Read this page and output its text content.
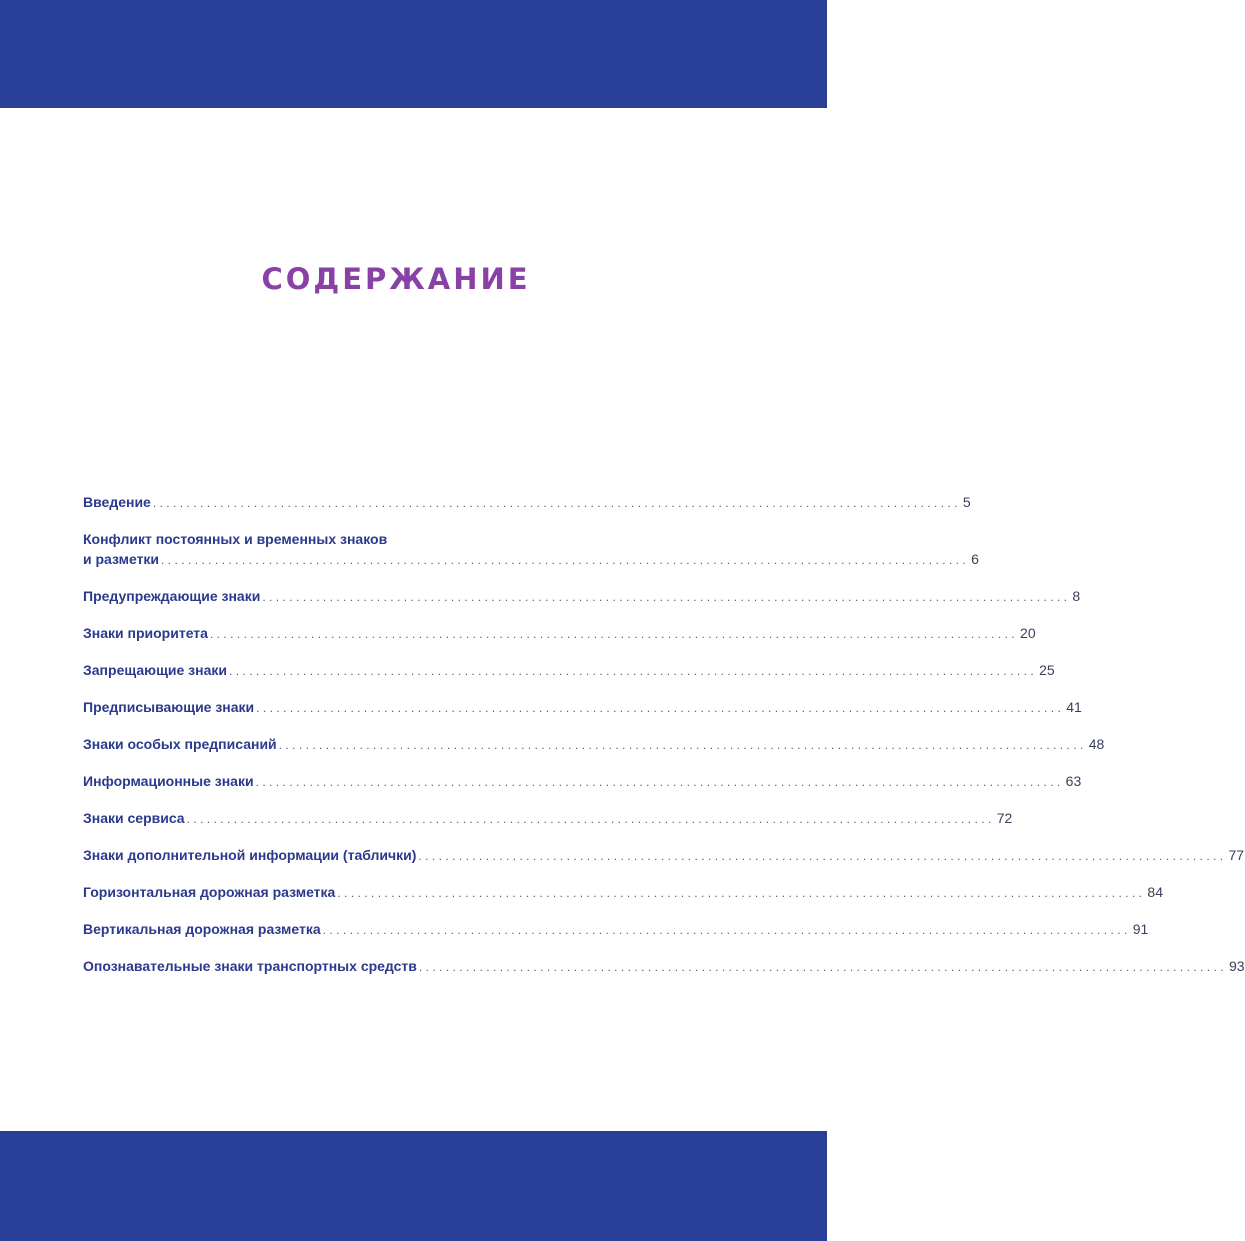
СОДЕРЖАНИЕ
Введение ........................................................................................................................ 5
Конфликт постоянных и временных знаков
и разметки ........................................................................................................................ 6
Предупреждающие знаки ........................................................................................................................ 8
Знаки приоритета ........................................................................................................................ 20
Запрещающие знаки ........................................................................................................................ 25
Предписывающие знаки ........................................................................................................................ 41
Знаки особых предписаний ........................................................................................................................ 48
Информационные знаки ........................................................................................................................ 63
Знаки сервиса ........................................................................................................................ 72
Знаки дополнительной информации (таблички) ........................................................................................................................ 77
Горизонтальная дорожная разметка ........................................................................................................................ 84
Вертикальная дорожная разметка ........................................................................................................................ 91
Опознавательные знаки транспортных средств ........................................................................................................................ 93
